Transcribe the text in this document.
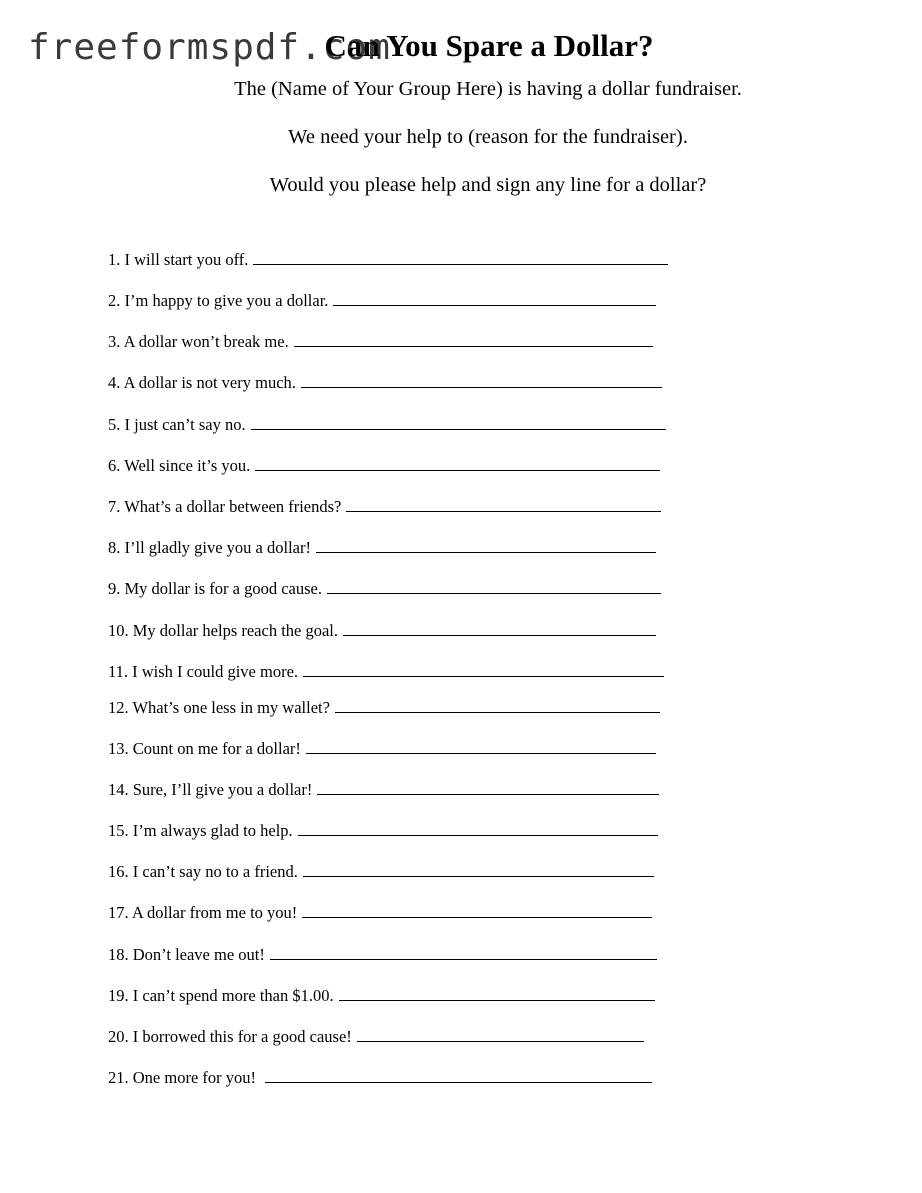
freeformspdf.com
Can You Spare a Dollar?
The (Name of Your Group Here) is having a dollar fundraiser.
We need your help to (reason for the fundraiser).
Would you please help and sign any line for a dollar?
1. I will start you off.
2. I’m happy to give you a dollar.
3. A dollar won’t break me.
4. A dollar is not very much.
5. I just can’t say no.
6. Well since it’s you.
7. What’s a dollar between friends?
8. I’ll gladly give you a dollar!
9. My dollar is for a good cause.
10. My dollar helps reach the goal.
11. I wish I could give more.
12. What’s one less in my wallet?
13. Count on me for a dollar!
14. Sure, I’ll give you a dollar!
15. I’m always glad to help.
16. I can’t say no to a friend.
17. A dollar from me to you!
18. Don’t leave me out!
19. I can’t spend more than $1.00.
20. I borrowed this for a good cause!
21. One more for you!
